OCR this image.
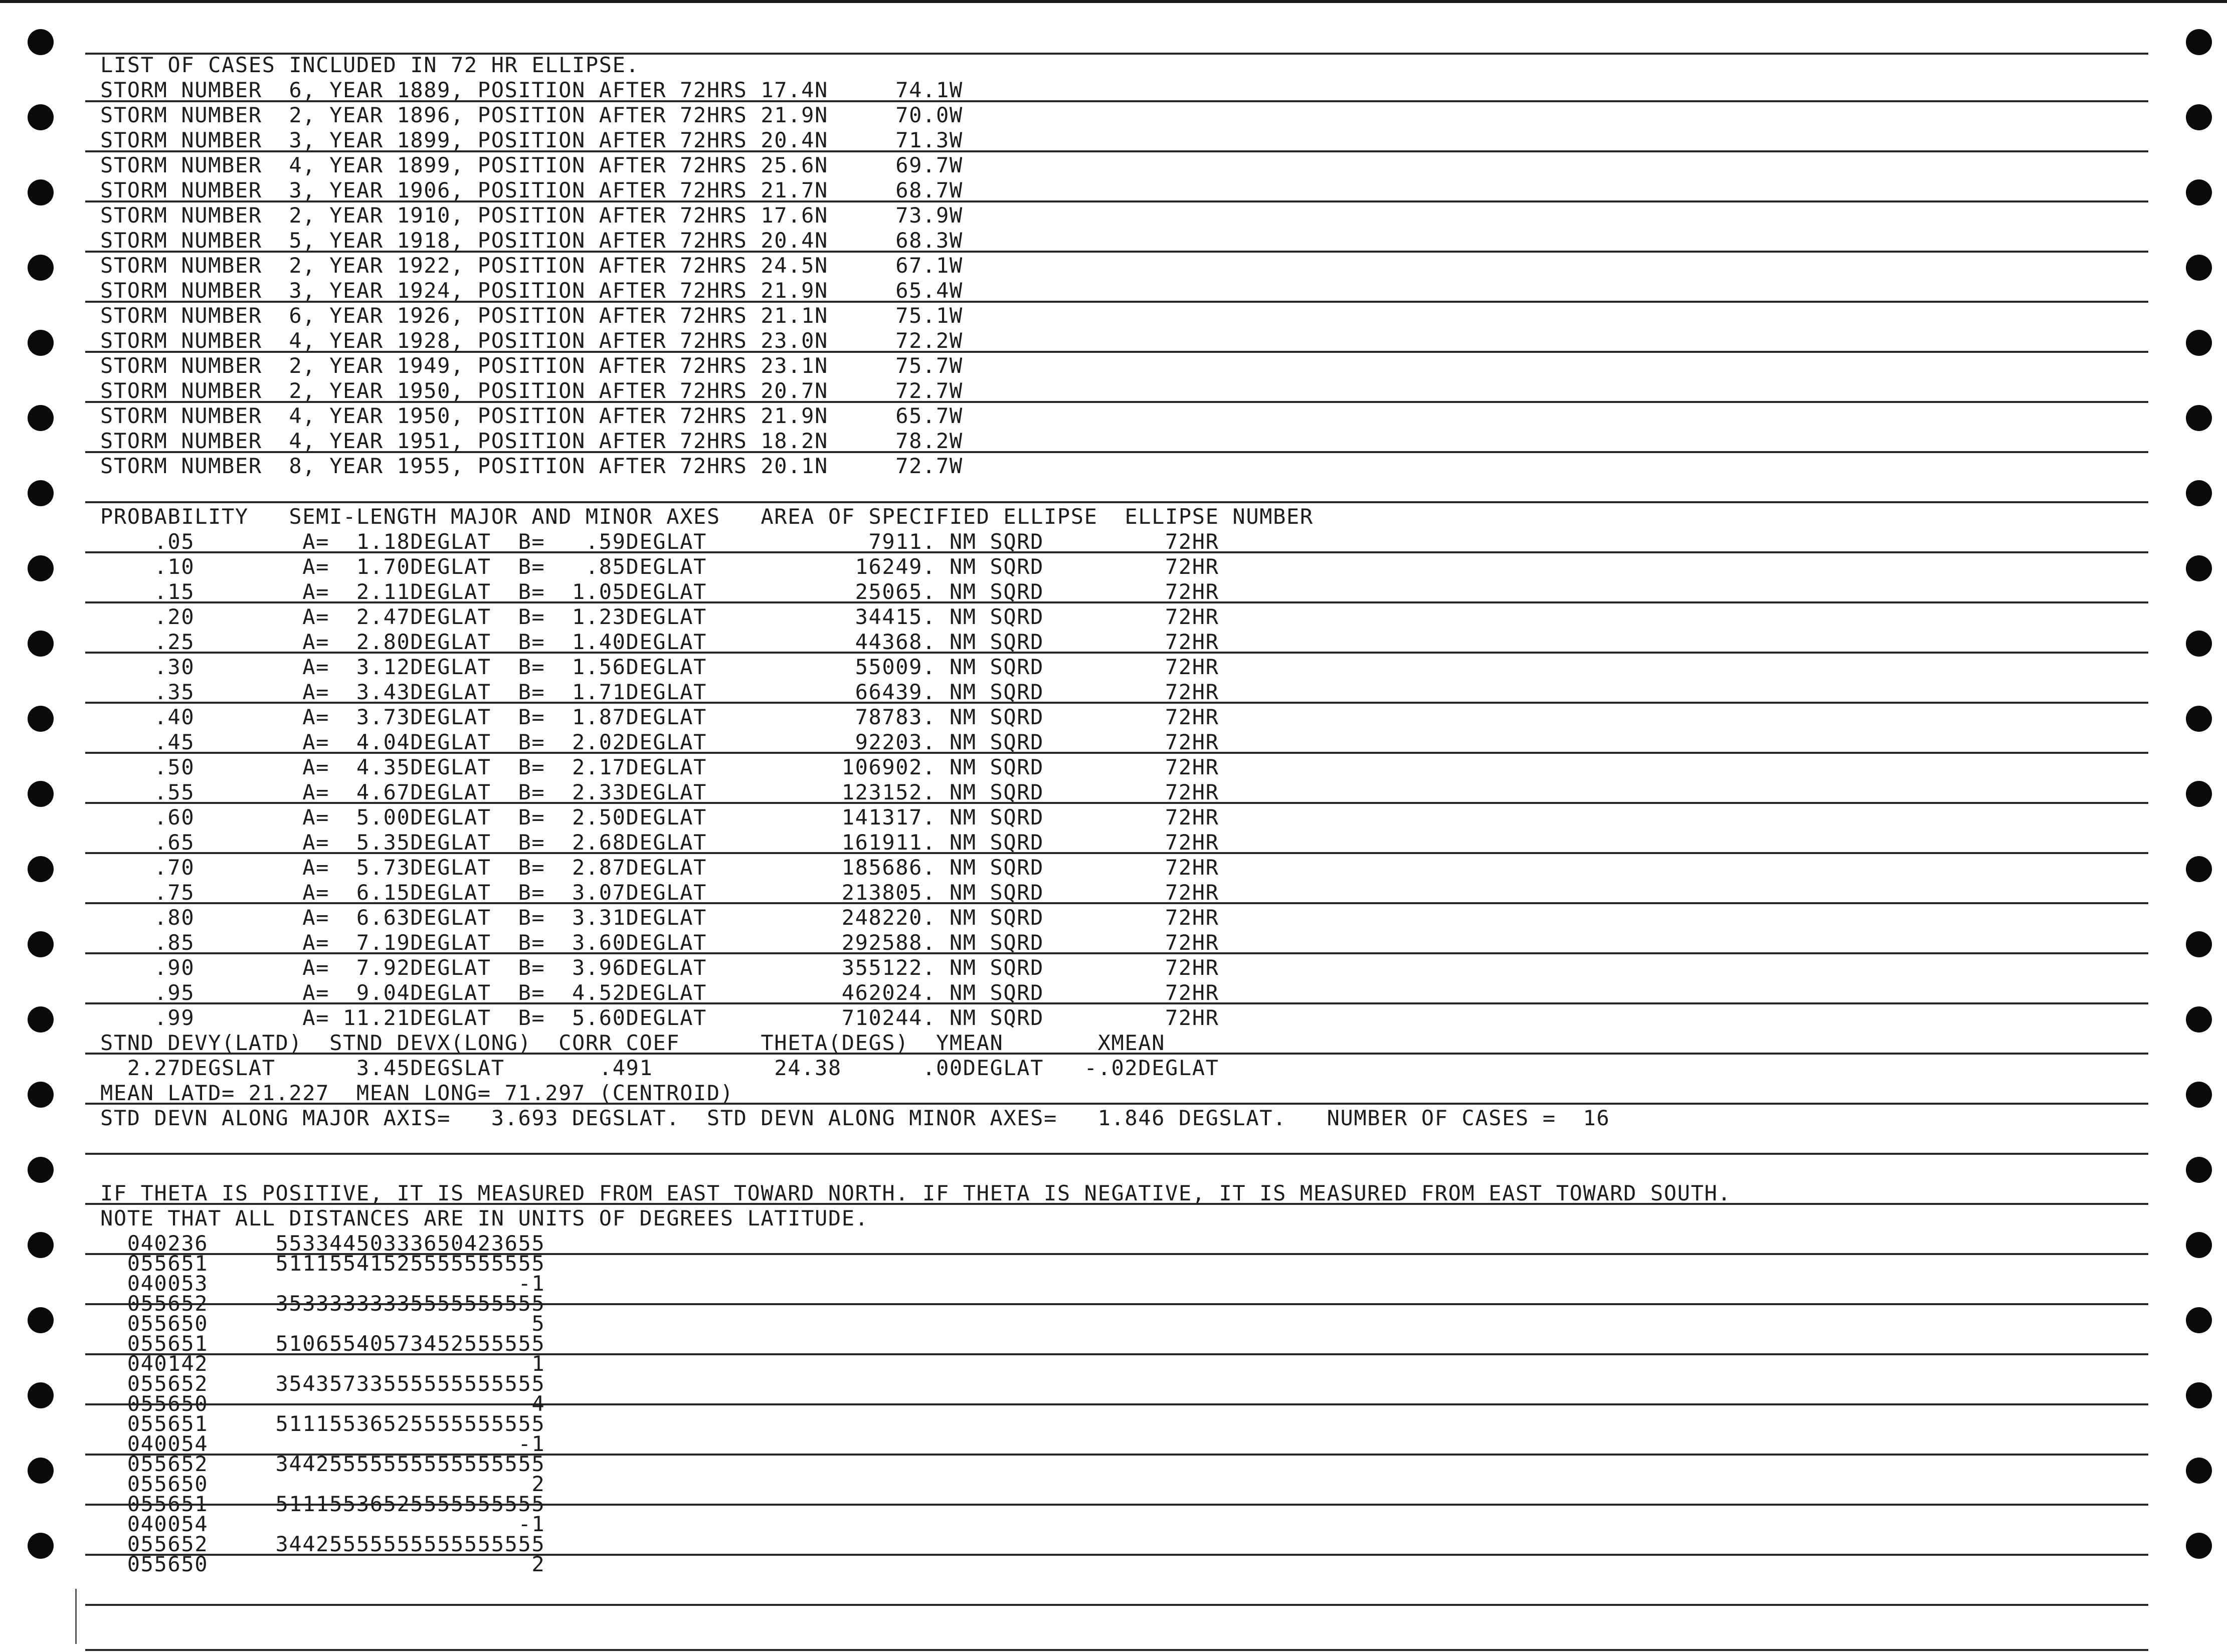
LIST OF CASES INCLUDED IN 72 HR ELLIPSE.
STORM NUMBER  6, YEAR 1889, POSITION AFTER 72HRS 17.4N     74.1W
STORM NUMBER  2, YEAR 1896, POSITION AFTER 72HRS 21.9N     70.0W
STORM NUMBER  3, YEAR 1899, POSITION AFTER 72HRS 20.4N     71.3W
STORM NUMBER  4, YEAR 1899, POSITION AFTER 72HRS 25.6N     69.7W
STORM NUMBER  3, YEAR 1906, POSITION AFTER 72HRS 21.7N     68.7W
STORM NUMBER  2, YEAR 1910, POSITION AFTER 72HRS 17.6N     73.9W
STORM NUMBER  5, YEAR 1918, POSITION AFTER 72HRS 20.4N     68.3W
STORM NUMBER  2, YEAR 1922, POSITION AFTER 72HRS 24.5N     67.1W
STORM NUMBER  3, YEAR 1924, POSITION AFTER 72HRS 21.9N     65.4W
STORM NUMBER  6, YEAR 1926, POSITION AFTER 72HRS 21.1N     75.1W
STORM NUMBER  4, YEAR 1928, POSITION AFTER 72HRS 23.0N     72.2W
STORM NUMBER  2, YEAR 1949, POSITION AFTER 72HRS 23.1N     75.7W
STORM NUMBER  2, YEAR 1950, POSITION AFTER 72HRS 20.7N     72.7W
STORM NUMBER  4, YEAR 1950, POSITION AFTER 72HRS 21.9N     65.7W
STORM NUMBER  4, YEAR 1951, POSITION AFTER 72HRS 18.2N     78.2W
STORM NUMBER  8, YEAR 1955, POSITION AFTER 72HRS 20.1N     72.7W
PROBABILITY   SEMI-LENGTH MAJOR AND MINOR AXES   AREA OF SPECIFIED ELLIPSE  ELLIPSE NUMBER
.05        A=  1.18DEGLAT  B=   .59DEGLAT            7911. NM SQRD         72HR
.10        A=  1.70DEGLAT  B=   .85DEGLAT           16249. NM SQRD         72HR
.15        A=  2.11DEGLAT  B=  1.05DEGLAT           25065. NM SQRD         72HR
.20        A=  2.47DEGLAT  B=  1.23DEGLAT           34415. NM SQRD         72HR
.25        A=  2.80DEGLAT  B=  1.40DEGLAT           44368. NM SQRD         72HR
.30        A=  3.12DEGLAT  B=  1.56DEGLAT           55009. NM SQRD         72HR
.35        A=  3.43DEGLAT  B=  1.71DEGLAT           66439. NM SQRD         72HR
.40        A=  3.73DEGLAT  B=  1.87DEGLAT           78783. NM SQRD         72HR
.45        A=  4.04DEGLAT  B=  2.02DEGLAT           92203. NM SQRD         72HR
.50        A=  4.35DEGLAT  B=  2.17DEGLAT          106902. NM SQRD         72HR
.55        A=  4.67DEGLAT  B=  2.33DEGLAT          123152. NM SQRD         72HR
.60        A=  5.00DEGLAT  B=  2.50DEGLAT          141317. NM SQRD         72HR
.65        A=  5.35DEGLAT  B=  2.68DEGLAT          161911. NM SQRD         72HR
.70        A=  5.73DEGLAT  B=  2.87DEGLAT          185686. NM SQRD         72HR
.75        A=  6.15DEGLAT  B=  3.07DEGLAT          213805. NM SQRD         72HR
.80        A=  6.63DEGLAT  B=  3.31DEGLAT          248220. NM SQRD         72HR
.85        A=  7.19DEGLAT  B=  3.60DEGLAT          292588. NM SQRD         72HR
.90        A=  7.92DEGLAT  B=  3.96DEGLAT          355122. NM SQRD         72HR
.95        A=  9.04DEGLAT  B=  4.52DEGLAT          462024. NM SQRD         72HR
.99        A= 11.21DEGLAT  B=  5.60DEGLAT          710244. NM SQRD         72HR
STND DEVY(LATD)  STND DEVX(LONG)  CORR COEF      THETA(DEGS)  YMEAN       XMEAN
2.27DEGSLAT      3.45DEGSLAT       .491         24.38      .00DEGLAT   -.02DEGLAT
MEAN LATD= 21.227  MEAN LONG= 71.297 (CENTROID)
STD DEVN ALONG MAJOR AXIS=   3.693 DEGSLAT.  STD DEVN ALONG MINOR AXES=   1.846 DEGSLAT.   NUMBER OF CASES =  16
IF THETA IS POSITIVE, IT IS MEASURED FROM EAST TOWARD NORTH. IF THETA IS NEGATIVE, IT IS MEASURED FROM EAST TOWARD SOUTH.
NOTE THAT ALL DISTANCES ARE IN UNITS OF DEGREES LATITUDE.
040236     55334450333650423655
055651     51115541525555555555
040053                       -1
055652     35333333335555555555
055650                        5
055651     51065540573452555555
040142                        1
055652     35435733555555555555
055650                        4
055651     51115536525555555555
040054                       -1
055652     34425555555555555555
055650                        2
055651     51115536525555555555
040054                       -1
055652     34425555555555555555
055650                        2
